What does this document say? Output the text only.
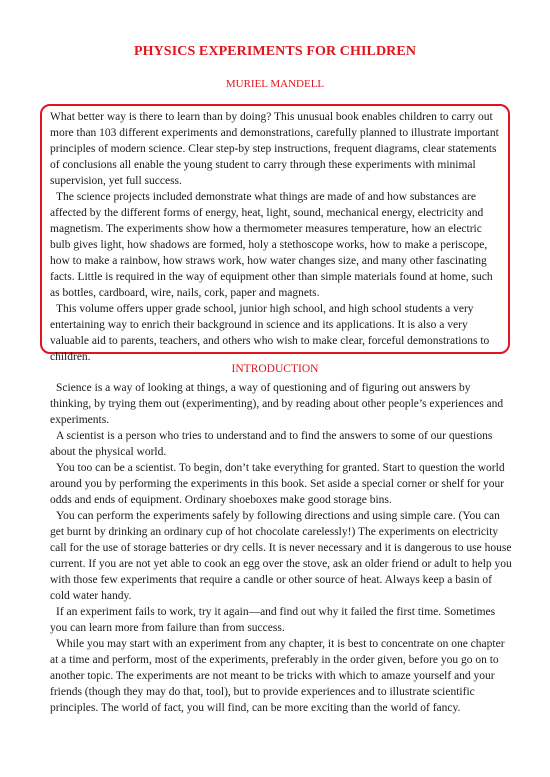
PHYSICS EXPERIMENTS FOR CHILDREN
MURIEL MANDELL

What better way is there to learn than by doing? This unusual book enables children to carry out more than 103 different experiments and demonstrations, carefully planned to illustrate important principles of modern science. Clear step-by step instructions, frequent diagrams, clear statements of conclusions all enable the young student to carry through these experiments with minimal supervision, yet full success.

The science projects included demonstrate what things are made of and how substances are affected by the different forms of energy, heat, light, sound, mechanical energy, electricity and magnetism. The experiments show how a thermometer measures temperature, how an electric bulb gives light, how shadows are formed, holy a stethoscope works, how to make a periscope, how to make a rainbow, how straws work, how water changes size, and many other fascinating facts. Little is required in the way of equipment other than simple materials found at home, such as bottles, cardboard, wire, nails, cork, paper and magnets.

This volume offers upper grade school, junior high school, and high school students a very entertaining way to enrich their background in science and its applications. It is also a very valuable aid to parents, teachers, and others who wish to make clear, forceful demonstrations to children.

INTRODUCTION

Science is a way of looking at things, a way of questioning and of figuring out answers by thinking, by trying them out (experimenting), and by reading about other people’s experiences and experiments.

A scientist is a person who tries to understand and to find the answers to some of our questions about the physical world.

You too can be a scientist. To begin, don’t take everything for granted. Start to question the world around you by performing the experiments in this book. Set aside a special corner or shelf for your odds and ends of equipment. Ordinary shoeboxes make good storage bins.

You can perform the experiments safely by following directions and using simple care. (You can get burnt by drinking an ordinary cup of hot chocolate carelessly!) The experiments on electricity call for the use of storage batteries or dry cells. It is never necessary and it is dangerous to use house current. If you are not yet able to cook an egg over the stove, ask an older friend or adult to help you with those few experiments that require a candle or other source of heat. Always keep a basin of cold water handy.

If an experiment fails to work, try it again—and find out why it failed the first time. Sometimes you can learn more from failure than from success.

While you may start with an experiment from any chapter, it is best to concentrate on one chapter at a time and perform, most of the experiments, preferably in the order given, before you go on to another topic. The experiments are not meant to be tricks with which to amaze yourself and your friends (though they may do that, tool), but to provide experiences and to illustrate scientific principles. The world of fact, you will find, can be more exciting than the world of fancy.
